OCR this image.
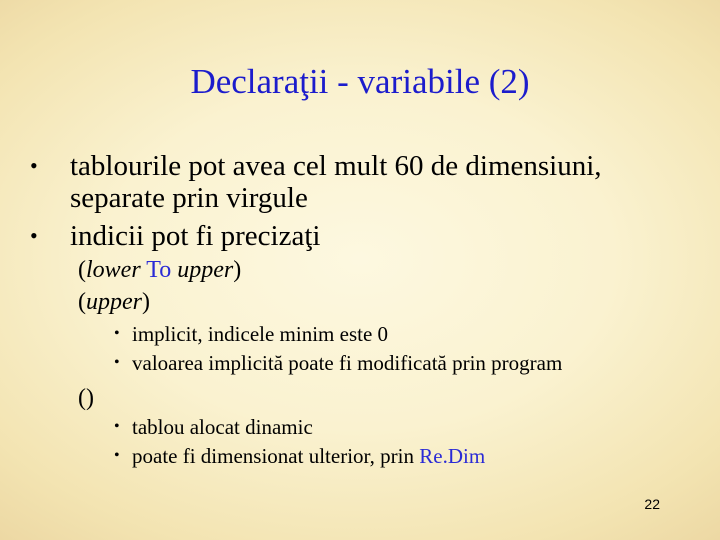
Declaraţii - variabile (2)
• tablourile pot avea cel mult 60 de dimensiuni,
separate prin virgule
• indicii pot fi precizaţi
(lower To upper)
(upper)
• implicit, indicele minim este 0
• valoarea implicită poate fi modificată prin program
()
• tablou alocat dinamic
• poate fi dimensionat ulterior, prin Re.Dim
22
